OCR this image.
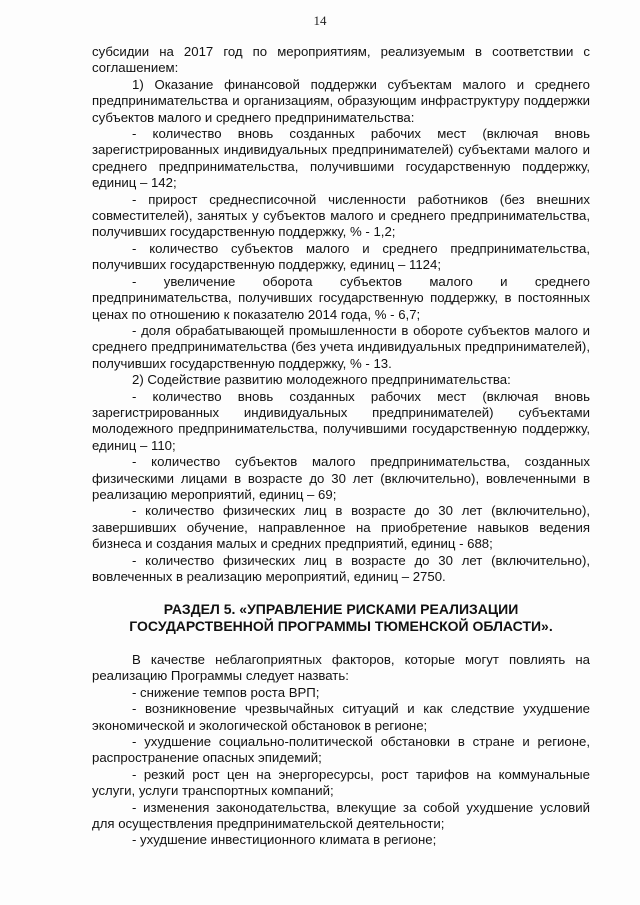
14

субсидии на 2017 год по мероприятиям, реализуемым в соответствии с соглашением:

1) Оказание финансовой поддержки субъектам малого и среднего предпринимательства и организациям, образующим инфраструктуру поддержки субъектов малого и среднего предпринимательства:

- количество вновь созданных рабочих мест (включая вновь зарегистрированных индивидуальных предпринимателей) субъектами малого и среднего предпринимательства, получившими государственную поддержку, единиц – 142;

- прирост среднесписочной численности работников (без внешних совместителей), занятых у субъектов малого и среднего предпринимательства, получивших государственную поддержку, % - 1,2;

- количество субъектов малого и среднего предпринимательства, получивших государственную поддержку, единиц – 1124;

- увеличение оборота субъектов малого и среднего предпринимательства, получивших государственную поддержку, в постоянных ценах по отношению к показателю 2014 года, % - 6,7;

- доля обрабатывающей промышленности в обороте субъектов малого и среднего предпринимательства (без учета индивидуальных предпринимателей), получивших государственную поддержку, % - 13.

2) Содействие развитию молодежного предпринимательства:

- количество вновь созданных рабочих мест (включая вновь зарегистрированных индивидуальных предпринимателей) субъектами молодежного предпринимательства, получившими государственную поддержку, единиц – 110;

- количество субъектов малого предпринимательства, созданных физическими лицами в возрасте до 30 лет (включительно), вовлеченными в реализацию мероприятий, единиц – 69;

- количество физических лиц в возрасте до 30 лет (включительно), завершивших обучение, направленное на приобретение навыков ведения бизнеса и создания малых и средних предприятий, единиц - 688;

- количество физических лиц в возрасте до 30 лет (включительно), вовлеченных в реализацию мероприятий, единиц – 2750.

РАЗДЕЛ 5. «УПРАВЛЕНИЕ РИСКАМИ РЕАЛИЗАЦИИ ГОСУДАРСТВЕННОЙ ПРОГРАММЫ ТЮМЕНСКОЙ ОБЛАСТИ».

В качестве неблагоприятных факторов, которые могут повлиять на реализацию Программы следует назвать:

- снижение темпов роста ВРП;

- возникновение чрезвычайных ситуаций и как следствие ухудшение экономической и экологической обстановок в регионе;

- ухудшение социально-политической обстановки в стране и регионе, распространение опасных эпидемий;

- резкий рост цен на энергоресурсы, рост тарифов на коммунальные услуги, услуги транспортных компаний;

- изменения законодательства, влекущие за собой ухудшение условий для осуществления предпринимательской деятельности;

- ухудшение инвестиционного климата в регионе;
